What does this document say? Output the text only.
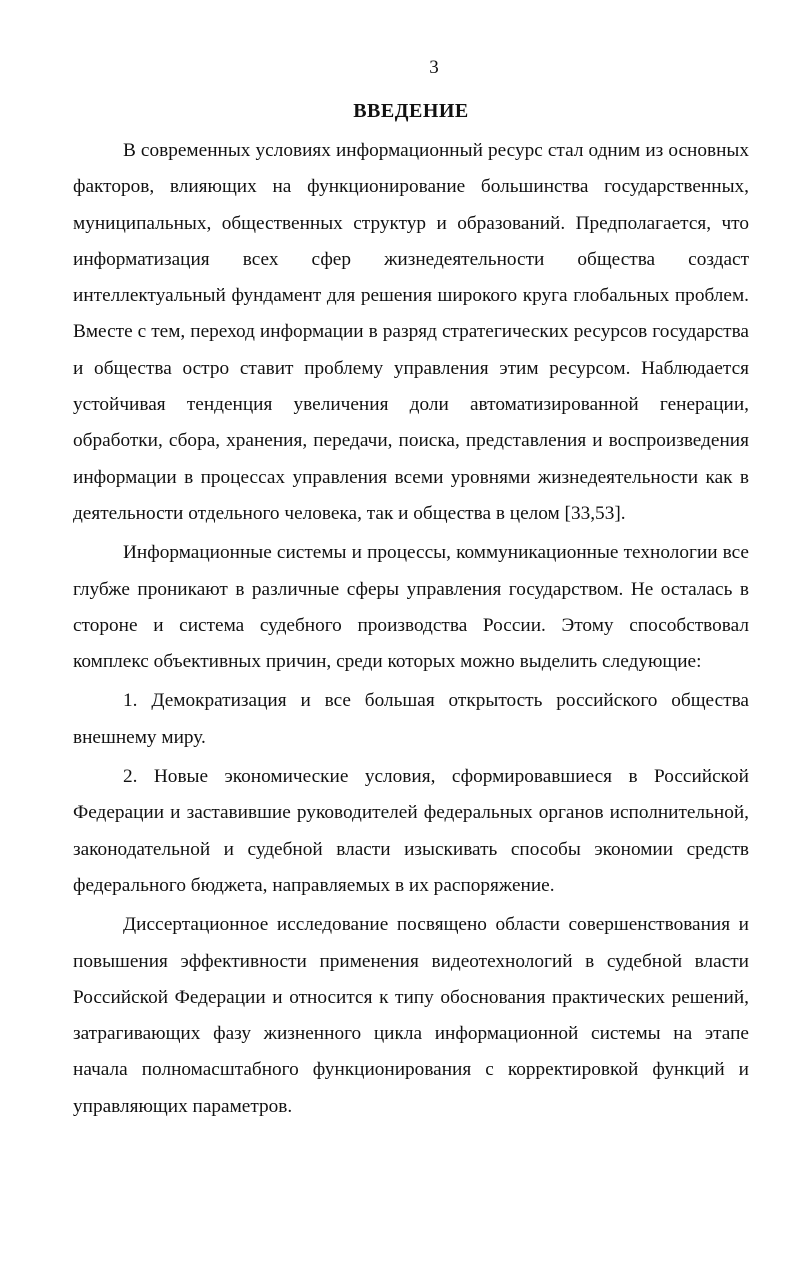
3
ВВЕДЕНИЕ

В современных условиях информационный ресурс стал одним из основных факторов, влияющих на функционирование большинства государственных, муниципальных, общественных структур и образований. Предполагается, что информатизация всех сфер жизнедеятельности общества создаст интеллектуальный фундамент для решения широкого круга глобальных проблем. Вместе с тем, переход информации в разряд стратегических ресурсов государства и общества остро ставит проблему управления этим ресурсом. Наблюдается устойчивая тенденция увеличения доли автоматизированной генерации, обработки, сбора, хранения, передачи, поиска, представления и воспроизведения информации в процессах управления всеми уровнями жизнедеятельности как в деятельности отдельного человека, так и общества в целом [33,53].

Информационные системы и процессы, коммуникационные технологии все глубже проникают в различные сферы управления государством. Не осталась в стороне и система судебного производства России. Этому способствовал комплекс объективных причин, среди которых можно выделить следующие:

1. Демократизация и все большая открытость российского общества внешнему миру.

2. Новые экономические условия, сформировавшиеся в Российской Федерации и заставившие руководителей федеральных органов исполнительной, законодательной и судебной власти изыскивать способы экономии средств федерального бюджета, направляемых в их распоряжение.

Диссертационное исследование посвящено области совершенствования и повышения эффективности применения видеотехнологий в судебной власти Российской Федерации и относится к типу обоснования практических решений, затрагивающих фазу жизненного цикла информационной системы на этапе начала полномасштабного функционирования с корректировкой функций и управляющих параметров.
